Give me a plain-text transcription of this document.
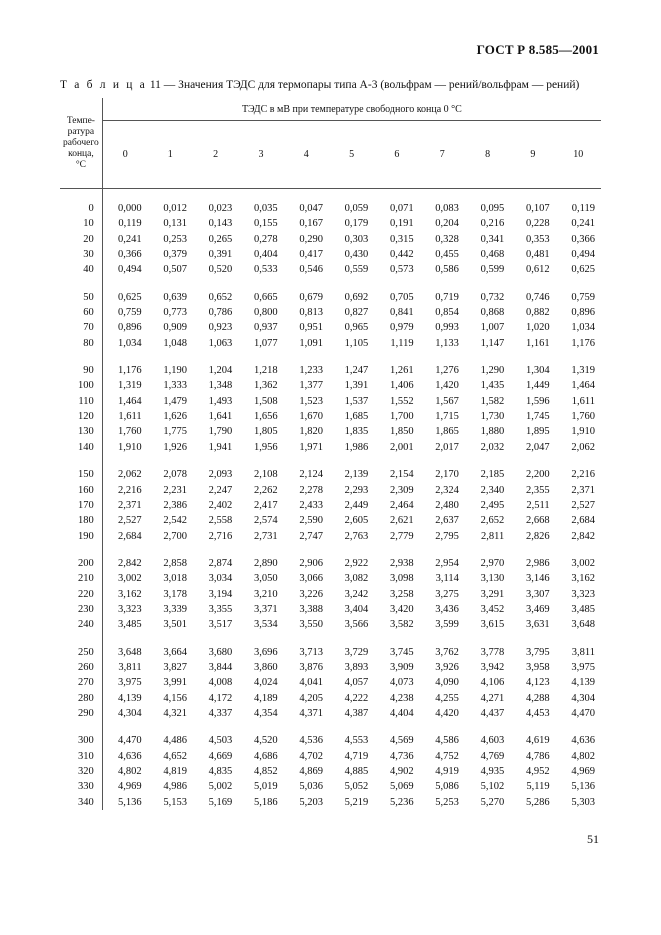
ГОСТ Р 8.585—2001
Т а б л и ц а 11 — Значения ТЭДС для термопары типа А-3 (вольфрам — рений/вольфрам — рений)
Темпе-
ратура
рабочего
конца,
°С	ТЭДС в мВ при температуре свободного конца 0 °С										
	0	1	2	3	4	5	6	7	8	9	10
0	0,000	0,012	0,023	0,035	0,047	0,059	0,071	0,083	0,095	0,107	0,119
10	0,119	0,131	0,143	0,155	0,167	0,179	0,191	0,204	0,216	0,228	0,241
20	0,241	0,253	0,265	0,278	0,290	0,303	0,315	0,328	0,341	0,353	0,366
30	0,366	0,379	0,391	0,404	0,417	0,430	0,442	0,455	0,468	0,481	0,494
40	0,494	0,507	0,520	0,533	0,546	0,559	0,573	0,586	0,599	0,612	0,625
50	0,625	0,639	0,652	0,665	0,679	0,692	0,705	0,719	0,732	0,746	0,759
60	0,759	0,773	0,786	0,800	0,813	0,827	0,841	0,854	0,868	0,882	0,896
70	0,896	0,909	0,923	0,937	0,951	0,965	0,979	0,993	1,007	1,020	1,034
80	1,034	1,048	1,063	1,077	1,091	1,105	1,119	1,133	1,147	1,161	1,176
90	1,176	1,190	1,204	1,218	1,233	1,247	1,261	1,276	1,290	1,304	1,319
100	1,319	1,333	1,348	1,362	1,377	1,391	1,406	1,420	1,435	1,449	1,464
110	1,464	1,479	1,493	1,508	1,523	1,537	1,552	1,567	1,582	1,596	1,611
120	1,611	1,626	1,641	1,656	1,670	1,685	1,700	1,715	1,730	1,745	1,760
130	1,760	1,775	1,790	1,805	1,820	1,835	1,850	1,865	1,880	1,895	1,910
140	1,910	1,926	1,941	1,956	1,971	1,986	2,001	2,017	2,032	2,047	2,062
150	2,062	2,078	2,093	2,108	2,124	2,139	2,154	2,170	2,185	2,200	2,216
160	2,216	2,231	2,247	2,262	2,278	2,293	2,309	2,324	2,340	2,355	2,371
170	2,371	2,386	2,402	2,417	2,433	2,449	2,464	2,480	2,495	2,511	2,527
180	2,527	2,542	2,558	2,574	2,590	2,605	2,621	2,637	2,652	2,668	2,684
190	2,684	2,700	2,716	2,731	2,747	2,763	2,779	2,795	2,811	2,826	2,842
200	2,842	2,858	2,874	2,890	2,906	2,922	2,938	2,954	2,970	2,986	3,002
210	3,002	3,018	3,034	3,050	3,066	3,082	3,098	3,114	3,130	3,146	3,162
220	3,162	3,178	3,194	3,210	3,226	3,242	3,258	3,275	3,291	3,307	3,323
230	3,323	3,339	3,355	3,371	3,388	3,404	3,420	3,436	3,452	3,469	3,485
240	3,485	3,501	3,517	3,534	3,550	3,566	3,582	3,599	3,615	3,631	3,648
250	3,648	3,664	3,680	3,696	3,713	3,729	3,745	3,762	3,778	3,795	3,811
260	3,811	3,827	3,844	3,860	3,876	3,893	3,909	3,926	3,942	3,958	3,975
270	3,975	3,991	4,008	4,024	4,041	4,057	4,073	4,090	4,106	4,123	4,139
280	4,139	4,156	4,172	4,189	4,205	4,222	4,238	4,255	4,271	4,288	4,304
290	4,304	4,321	4,337	4,354	4,371	4,387	4,404	4,420	4,437	4,453	4,470
300	4,470	4,486	4,503	4,520	4,536	4,553	4,569	4,586	4,603	4,619	4,636
310	4,636	4,652	4,669	4,686	4,702	4,719	4,736	4,752	4,769	4,786	4,802
320	4,802	4,819	4,835	4,852	4,869	4,885	4,902	4,919	4,935	4,952	4,969
330	4,969	4,986	5,002	5,019	5,036	5,052	5,069	5,086	5,102	5,119	5,136
340	5,136	5,153	5,169	5,186	5,203	5,219	5,236	5,253	5,270	5,286	5,303
51
